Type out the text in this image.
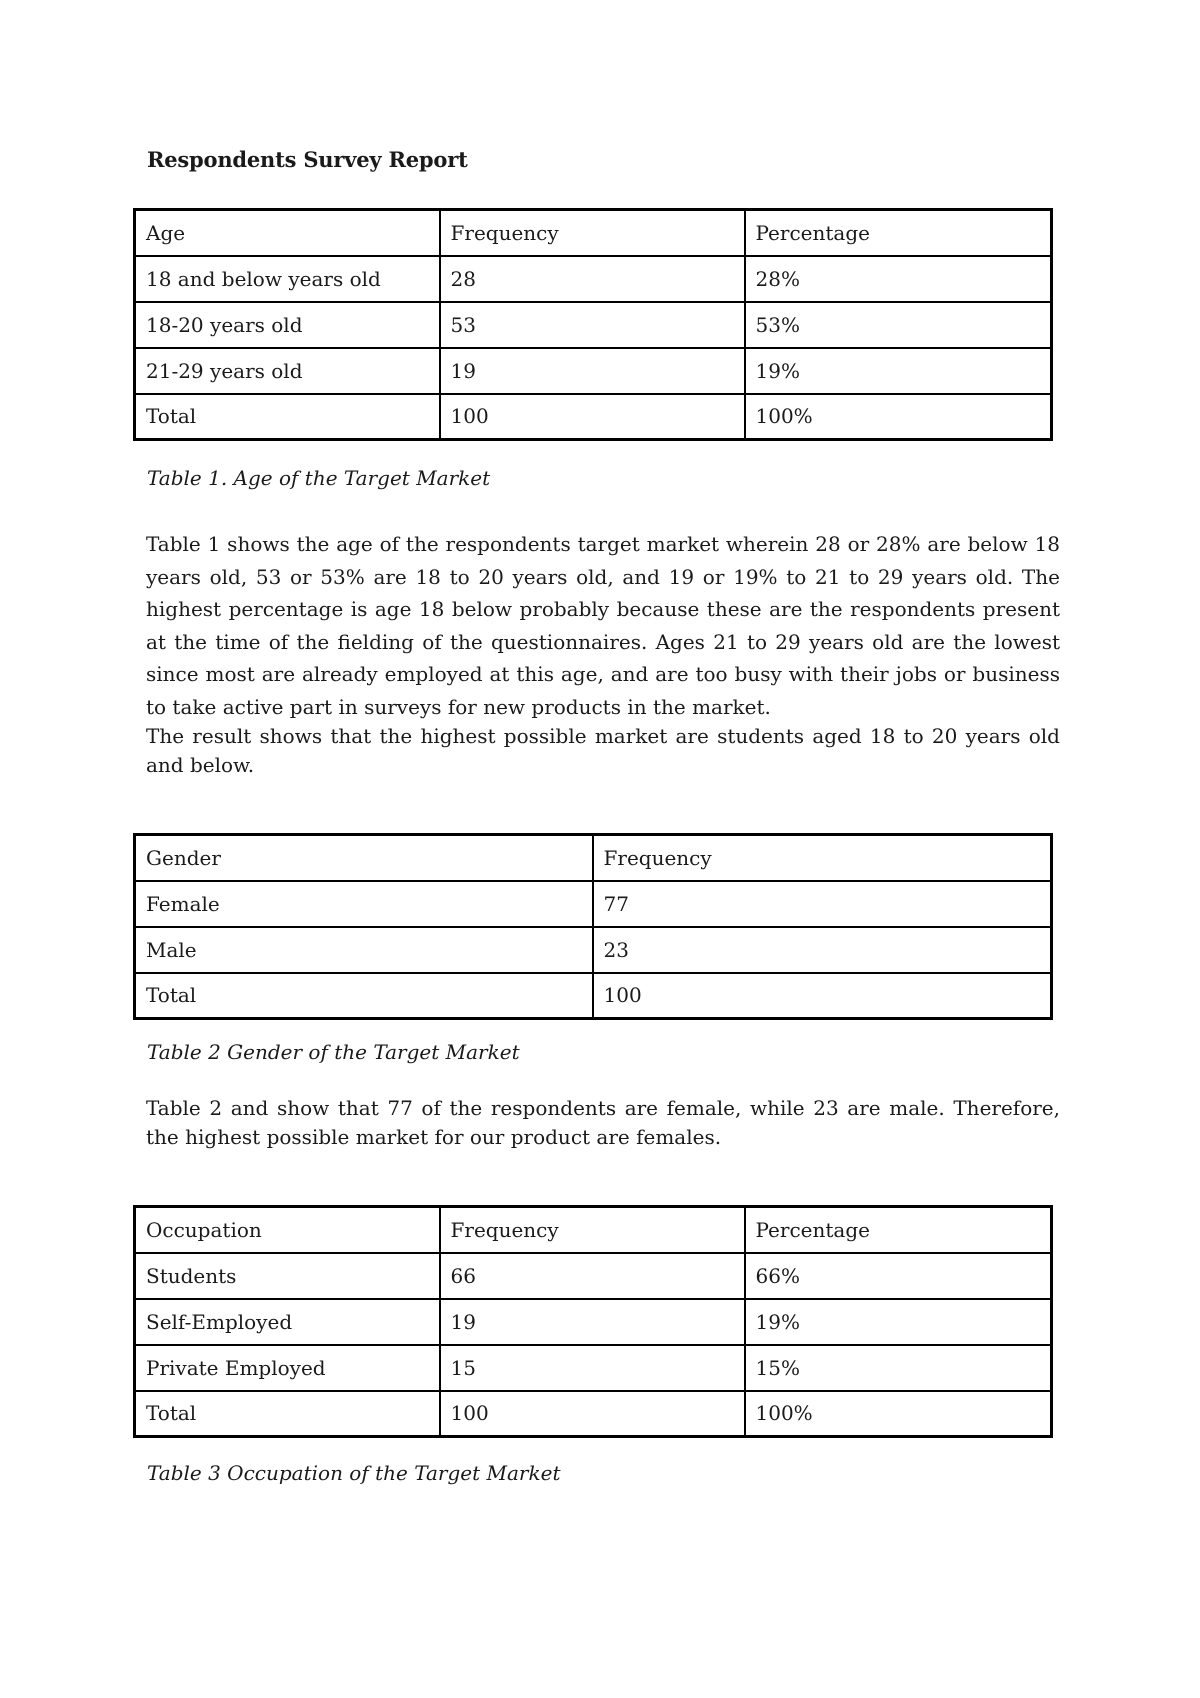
Respondents Survey Report
Age	Frequency	Percentage
18 and below years old	28	28%
18-20 years old	53	53%
21-29 years old	19	19%
Total	100	100%
Table 1. Age of the Target Market

Table 1 shows the age of the respondents target market wherein 28 or 28% are below 18 years old, 53 or 53% are 18 to 20 years old, and 19 or 19% to 21 to 29 years old. The highest percentage is age 18 below probably because these are the respondents present at the time of the fielding of the questionnaires. Ages 21 to 29 years old are the lowest since most are already employed at this age, and are too busy with their jobs or business to take active part in surveys for new products in the market.

The result shows that the highest possible market are students aged 18 to 20 years old and below.

Gender	Frequency
Female	77
Male	23
Total	100
Table 2 Gender of the Target Market

Table 2 and show that 77 of the respondents are female, while 23 are male. Therefore, the highest possible market for our product are females.

Occupation	Frequency	Percentage
Students	66	66%
Self-Employed	19	19%
Private Employed	15	15%
Total	100	100%
Table 3 Occupation of the Target Market
